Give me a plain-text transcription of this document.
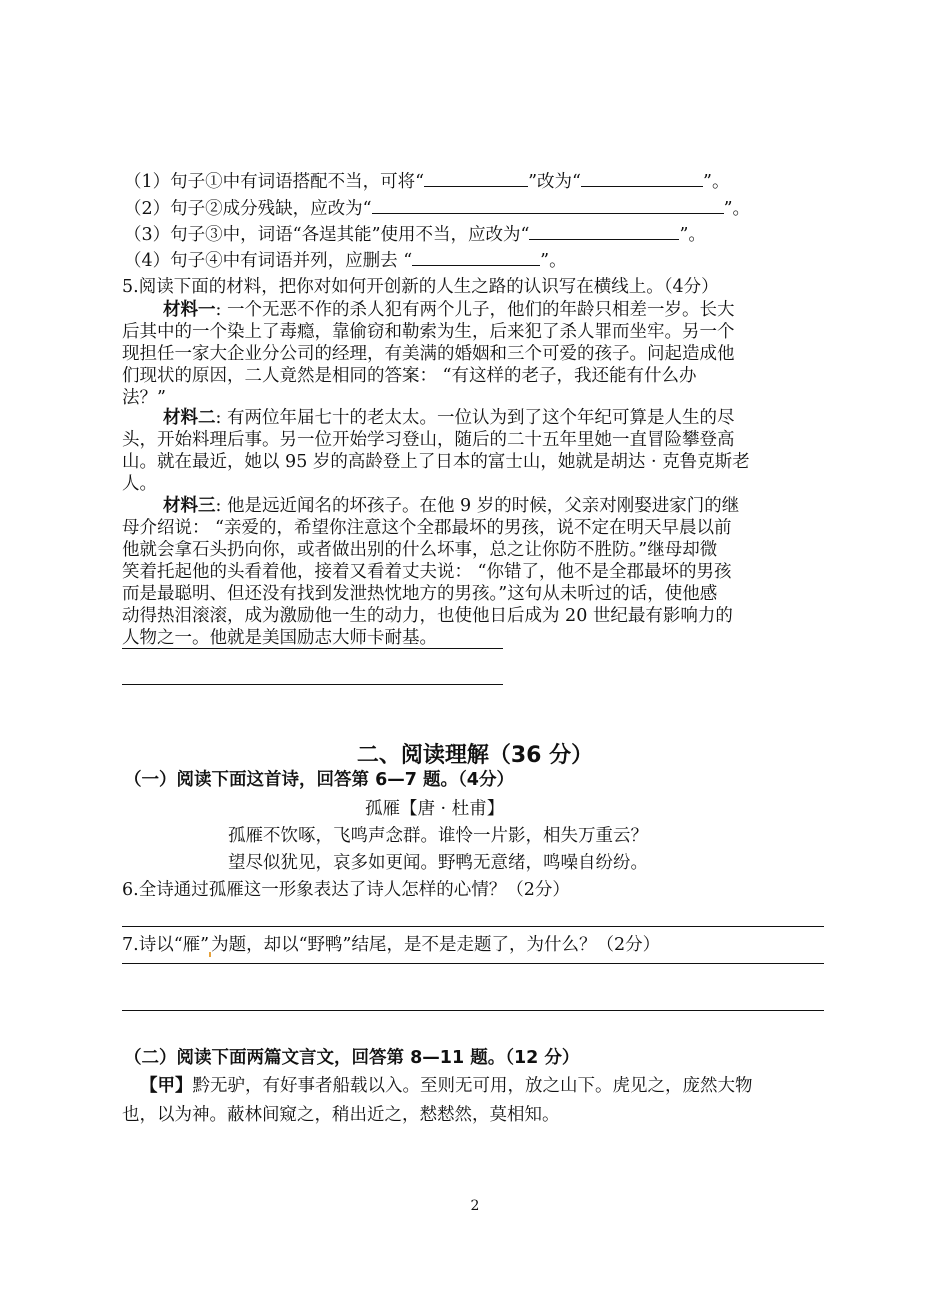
（1）句子①中有词语搭配不当，可将“	”改为“	”。
（2）句子②成分残缺，应改为“	”。
（3）句子③中，词语“各逞其能”使用不当，应改为“	”。
（4）句子④中有词语并列，应删去 “	”。
5.阅读下面的材料，把你对如何开创新的人生之路的认识写在横线上。（4分）
材料一: 一个无恶不作的杀人犯有两个儿子，他们的年龄只相差一岁。长大
后其中的一个染上了毒瘾，靠偷窃和勒索为生，后来犯了杀人罪而坐牢。另一个
现担任一家大企业分公司的经理，有美满的婚姻和三个可爱的孩子。问起造成他
们现状的原因，二人竟然是相同的答案： “有这样的老子，我还能有什么办
法？”
材料二: 有两位年届七十的老太太。一位认为到了这个年纪可算是人生的尽
头，开始料理后事。另一位开始学习登山，随后的二十五年里她一直冒险攀登高
山。就在最近，她以 95 岁的高龄登上了日本的富士山，她就是胡达 · 克鲁克斯老
人。
材料三: 他是远近闻名的坏孩子。在他 9 岁的时候，父亲对刚娶进家门的继
母介绍说： “亲爱的，希望你注意这个全郡最坏的男孩，说不定在明天早晨以前
他就会拿石头扔向你，或者做出别的什么坏事，总之让你防不胜防。”继母却微
笑着托起他的头看着他，接着又看着丈夫说： “你错了，他不是全郡最坏的男孩
而是最聪明、但还没有找到发泄热忱地方的男孩。”这句从未听过的话，使他感
动得热泪滚滚，成为激励他一生的动力，也使他日后成为 20 世纪最有影响力的
人物之一。他就是美国励志大师卡耐基。
二、阅读理解（36 分）
（一）阅读下面这首诗，回答第 6—7 题。（4分）
孤雁【唐 · 杜甫】
孤雁不饮啄，飞鸣声念群。谁怜一片影，相失万重云？
望尽似犹见，哀多如更闻。野鸭无意绪，鸣噪自纷纷。
6.全诗通过孤雁这一形象表达了诗人怎样的心情？（2分）
7.诗以“雁” 为题，却以“野鸭”结尾，是不是走题了，为什么？（2分）
（二）阅读下面两篇文言文，回答第 8—11 题。（12 分）
【甲】黔无驴，有好事者船载以入。至则无可用，放之山下。虎见之，庞然大物
也，以为神。蔽林间窥之，稍出近之，慭慭然，莫相知。
2
